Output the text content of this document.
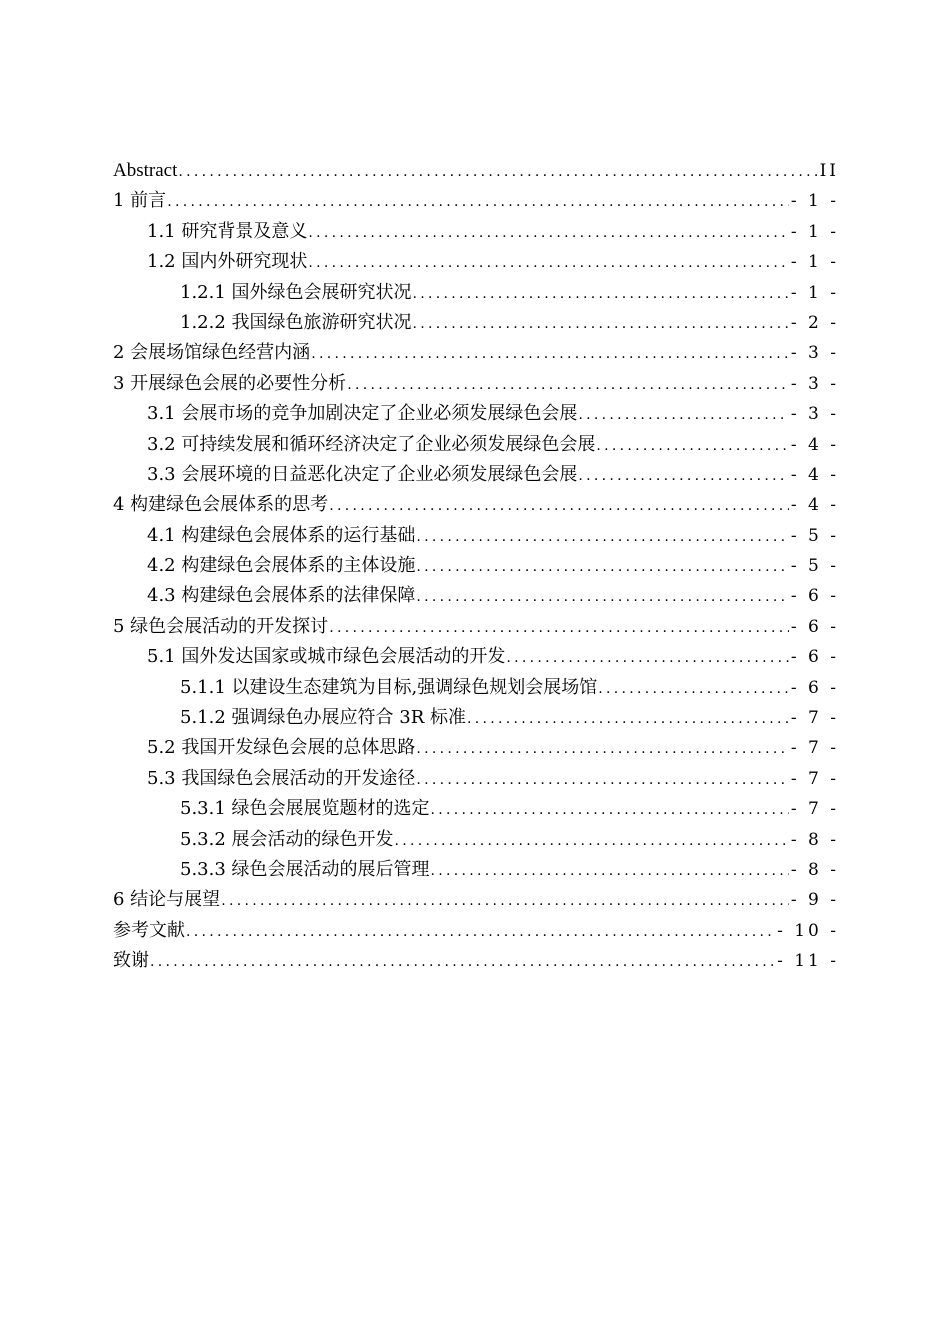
Abstract .....	II
1 前言 .....	- 1 -
1.1 研究背景及意义 .....	- 1 -
1.2 国内外研究现状 .....	- 1 -
1.2.1 国外绿色会展研究状况 .....	- 1 -
1.2.2 我国绿色旅游研究状况 .....	- 2 -
2 会展场馆绿色经营内涵 .....	- 3 -
3 开展绿色会展的必要性分析 .....	- 3 -
3.1 会展市场的竞争加剧决定了企业必须发展绿色会展 .....	- 3 -
3.2 可持续发展和循环经济决定了企业必须发展绿色会展 .....	- 4 -
3.3 会展环境的日益恶化决定了企业必须发展绿色会展 .....	- 4 -
4 构建绿色会展体系的思考 .....	- 4 -
4.1 构建绿色会展体系的运行基础 .....	- 5 -
4.2 构建绿色会展体系的主体设施 .....	- 5 -
4.3 构建绿色会展体系的法律保障 .....	- 6 -
5 绿色会展活动的开发探讨 .....	- 6 -
5.1 国外发达国家或城市绿色会展活动的开发 .....	- 6 -
5.1.1 以建设生态建筑为目标,强调绿色规划会展场馆 .....	- 6 -
5.1.2 强调绿色办展应符合 3R 标准 .....	- 7 -
5.2 我国开发绿色会展的总体思路 .....	- 7 -
5.3 我国绿色会展活动的开发途径 .....	- 7 -
5.3.1 绿色会展展览题材的选定 .....	- 7 -
5.3.2 展会活动的绿色开发 .....	- 8 -
5.3.3 绿色会展活动的展后管理 .....	- 8 -
6 结论与展望 .....	- 9 -
参考文献 .....	- 10 -
致谢 .....	- 11 -
